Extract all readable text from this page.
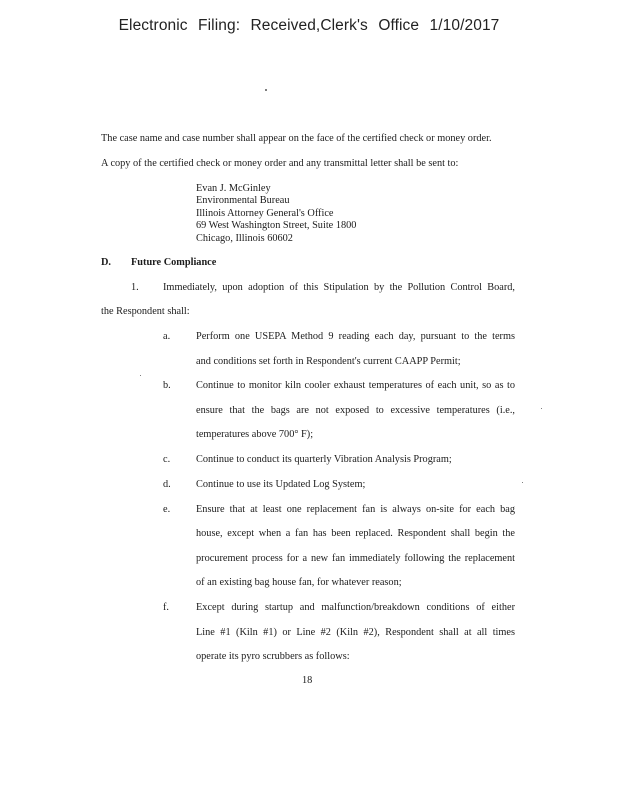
Electronic Filing: Received,Clerk's Office 1/10/2017
The case name and case number shall appear on the face of the certified check or money order.
A copy of the certified check or money order and any transmittal letter shall be sent to:
Evan J. McGinley
Environmental Bureau
Illinois Attorney General's Office
69 West Washington Street, Suite 1800
Chicago, Illinois 60602
D. Future Compliance
1. Immediately, upon adoption of this Stipulation by the Pollution Control Board,
the Respondent shall:
a.	Perform one USEPA Method 9 reading each day, pursuant to the terms
and conditions set forth in Respondent's current CAAPP Permit;
b. Continue to monitor kiln cooler exhaust temperatures of each unit, so as to
ensure that the bags are not exposed to excessive temperatures (i.e.,
temperatures above 700° F);
c.	Continue to conduct its quarterly Vibration Analysis Program;
d. Continue to use its Updated Log System;
e.	Ensure that at least one replacement fan is always on-site for each bag
house, except when a fan has been replaced. Respondent shall begin the
procurement process for a new fan immediately following the replacement
of an existing bag house fan, for whatever reason;
f.	Except during startup and malfunction/breakdown conditions of either
Line #1 (Kiln #1) or Line #2 (Kiln #2), Respondent shall at all times
operate its pyro scrubbers as follows:
18
